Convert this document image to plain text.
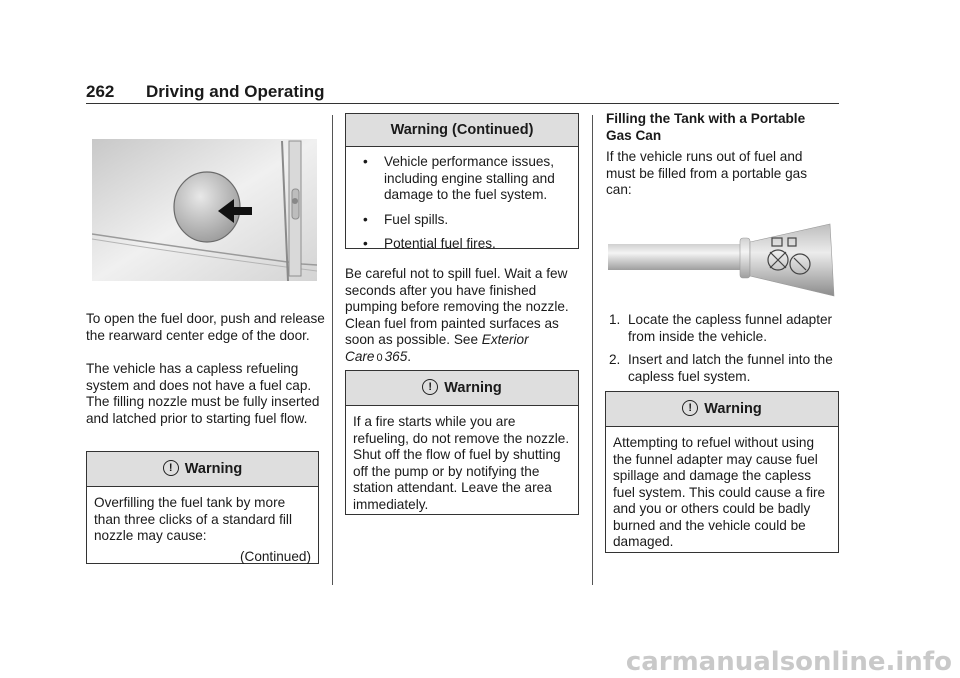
262 Driving and Operating

To open the fuel door, push and release the rearward center edge of the door.

The vehicle has a capless refueling system and does not have a fuel cap. The filling nozzle must be fully inserted and latched prior to starting fuel flow.

! Warning
Overfilling the fuel tank by more than three clicks of a standard fill nozzle may cause:
(Continued)
Warning (Continued)
• Vehicle performance issues, including engine stalling and damage to the fuel system.
• Fuel spills.
• Potential fuel fires.

Be careful not to spill fuel. Wait a few seconds after you have finished pumping before removing the nozzle. Clean fuel from painted surfaces as soon as possible. See Exterior Care 0 365.

! Warning
If a fire starts while you are refueling, do not remove the nozzle. Shut off the flow of fuel by shutting off the pump or by notifying the station attendant. Leave the area immediately.

Filling the Tank with a Portable Gas Can

If the vehicle runs out of fuel and must be filled from a portable gas can:

1. Locate the capless funnel adapter from inside the vehicle.
2. Insert and latch the funnel into the capless fuel system.
! Warning
Attempting to refuel without using the funnel adapter may cause fuel spillage and damage the capless fuel system. This could cause a fire and you or others could be badly burned and the vehicle could be damaged.
carmanualsonline.info
